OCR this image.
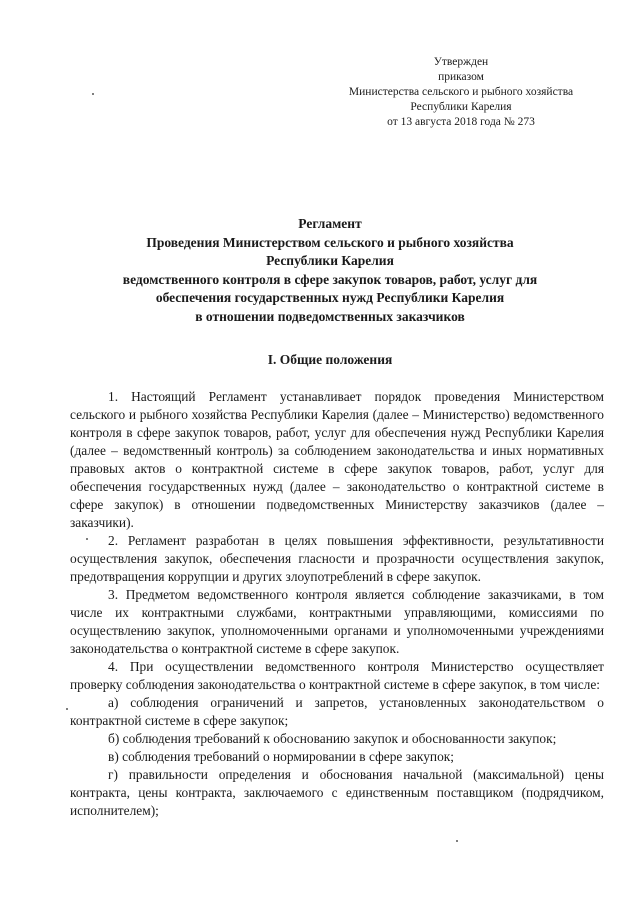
Утвержден
приказом
Министерства сельского и рыбного хозяйства
Республики Карелия
от 13 августа 2018 года № 273
Регламент
Проведения Министерством сельского и рыбного хозяйства
Республики Карелия
ведомственного контроля в сфере закупок товаров, работ, услуг для
обеспечения государственных нужд Республики Карелия
в отношении подведомственных заказчиков
I. Общие положения

1. Настоящий Регламент устанавливает порядок проведения Министерством сельского и рыбного хозяйства Республики Карелия (далее – Министерство) ведомственного контроля в сфере закупок товаров, работ, услуг для обеспечения нужд Республики Карелия (далее – ведомственный контроль) за соблюдением законодательства и иных нормативных правовых актов о контрактной системе в сфере закупок товаров, работ, услуг для обеспечения государственных нужд (далее – законодательство о контрактной системе в сфере закупок) в отношении подведомственных Министерству заказчиков (далее – заказчики).

2. Регламент разработан в целях повышения эффективности, результативности осуществления закупок, обеспечения гласности и прозрачности осуществления закупок, предотвращения коррупции и других злоупотреблений в сфере закупок.

3. Предметом ведомственного контроля является соблюдение заказчиками, в том числе их контрактными службами, контрактными управляющими, комиссиями по осуществлению закупок, уполномоченными органами и уполномоченными учреждениями законодательства о контрактной системе в сфере закупок.

4. При осуществлении ведомственного контроля Министерство осуществляет проверку соблюдения законодательства о контрактной системе в сфере закупок, в том числе:

а) соблюдения ограничений и запретов, установленных законодательством о контрактной системе в сфере закупок;

б) соблюдения требований к обоснованию закупок и обоснованности закупок;

в) соблюдения требований о нормировании в сфере закупок;

г) правильности определения и обоснования начальной (максимальной) цены контракта, цены контракта, заключаемого с единственным поставщиком (подрядчиком, исполнителем);
